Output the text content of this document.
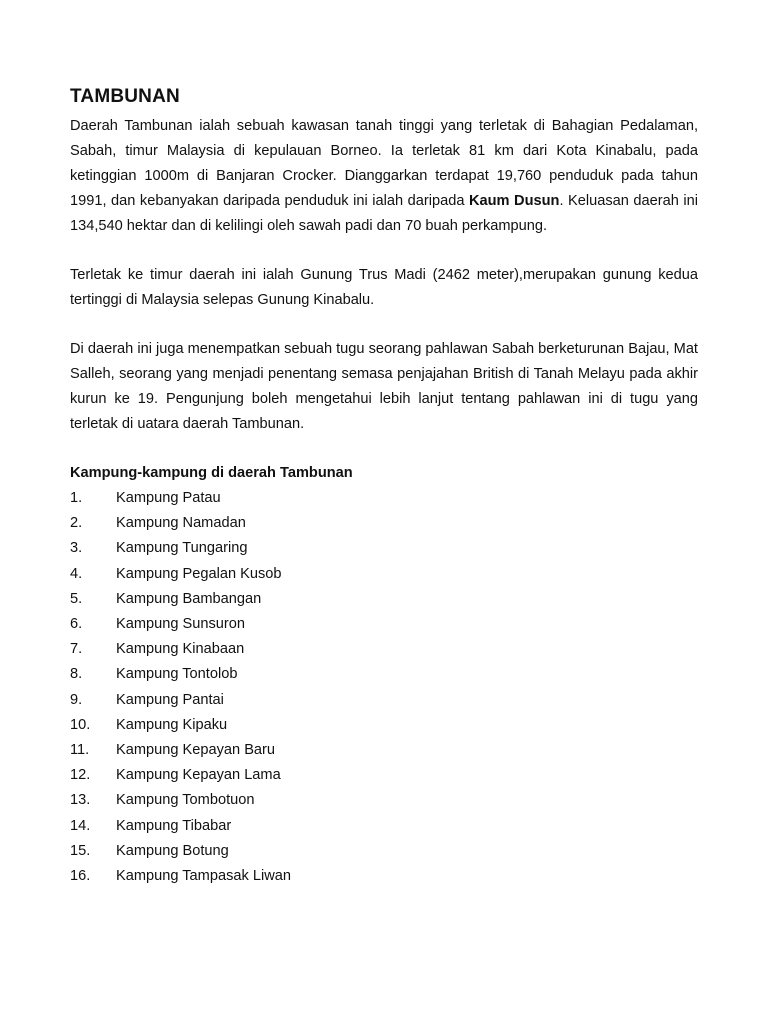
TAMBUNAN

Daerah Tambunan ialah sebuah kawasan tanah tinggi yang terletak di Bahagian Pedalaman, Sabah, timur Malaysia di kepulauan Borneo. Ia terletak 81 km dari Kota Kinabalu, pada ketinggian 1000m di Banjaran Crocker. Dianggarkan terdapat 19,760 penduduk pada tahun 1991, dan kebanyakan daripada penduduk ini ialah daripada Kaum Dusun. Keluasan daerah ini 134,540 hektar dan di kelilingi oleh sawah padi dan 70 buah perkampung.

Terletak ke timur daerah ini ialah Gunung Trus Madi (2462 meter),merupakan gunung kedua tertinggi di Malaysia selepas Gunung Kinabalu.

Di daerah ini juga menempatkan sebuah tugu seorang pahlawan Sabah berketurunan Bajau, Mat Salleh, seorang yang menjadi penentang semasa penjajahan British di Tanah Melayu pada akhir kurun ke 19. Pengunjung boleh mengetahui lebih lanjut tentang pahlawan ini di tugu yang terletak di uatara daerah Tambunan.

Kampung-kampung di daerah Tambunan

1.	Kampung Patau
2.	Kampung Namadan
3.	Kampung Tungaring
4.	Kampung Pegalan Kusob
5.	Kampung Bambangan
6.	Kampung Sunsuron
7.	Kampung Kinabaan
8.	Kampung Tontolob
9.	Kampung Pantai
10.	Kampung Kipaku
11.	Kampung Kepayan Baru
12.	Kampung Kepayan Lama
13.	Kampung Tombotuon
14.	Kampung Tibabar
15.	Kampung Botung
16.	Kampung Tampasak Liwan
